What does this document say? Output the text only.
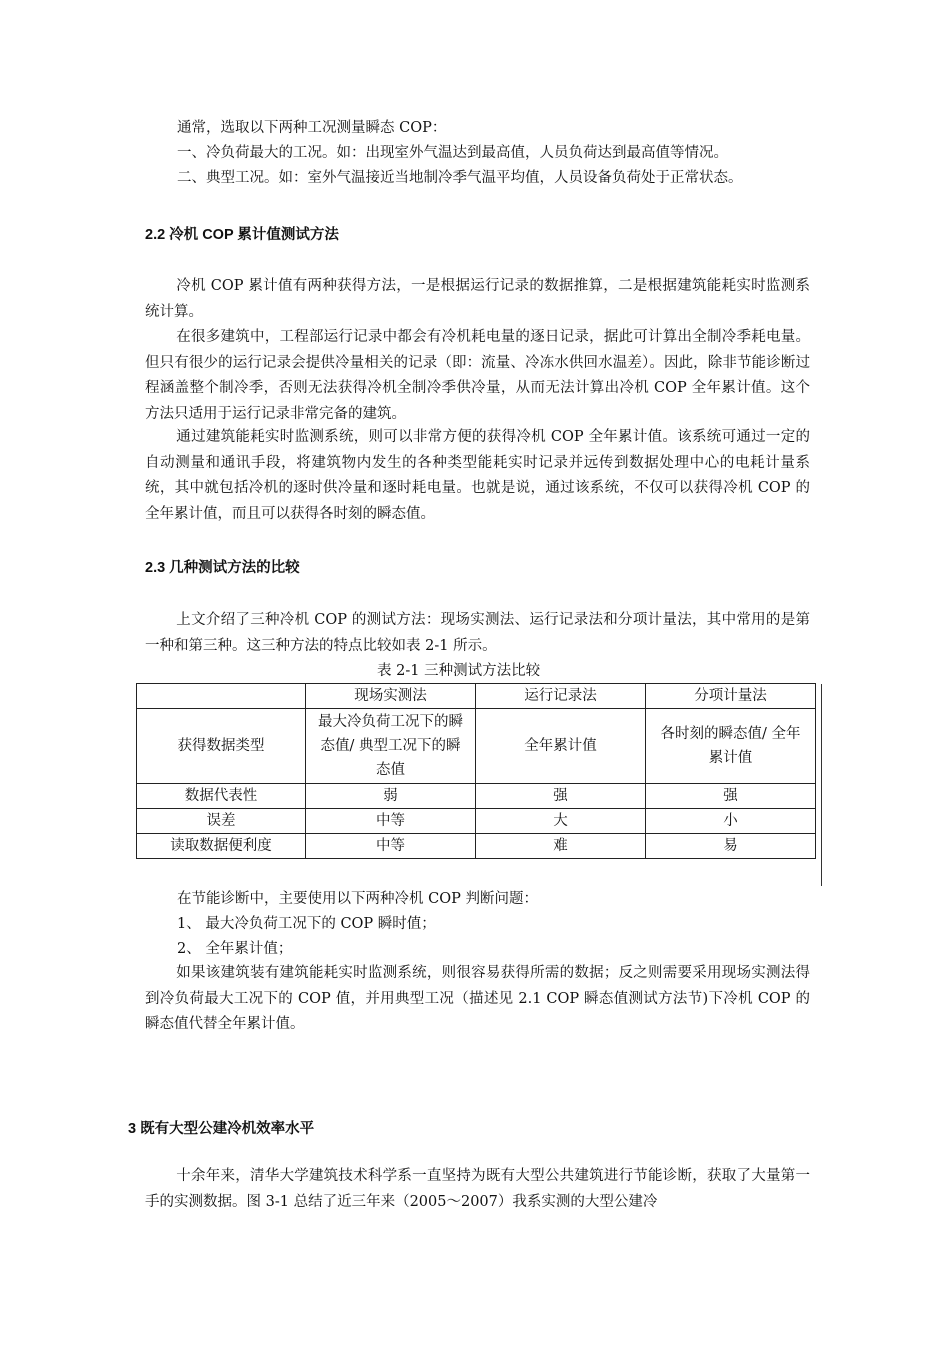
通常，选取以下两种工况测量瞬态 COP：

一、冷负荷最大的工况。如：出现室外气温达到最高值，人员负荷达到最高值等情况。

二、典型工况。如：室外气温接近当地制冷季气温平均值，人员设备负荷处于正常状态。

2.2 冷机 COP 累计值测试方法

冷机 COP 累计值有两种获得方法，一是根据运行记录的数据推算，二是根据建筑能耗实时监测系统计算。

在很多建筑中，工程部运行记录中都会有冷机耗电量的逐日记录，据此可计算出全制冷季耗电量。但只有很少的运行记录会提供冷量相关的记录（即：流量、冷冻水供回水温差）。因此，除非节能诊断过程涵盖整个制冷季，否则无法获得冷机全制冷季供冷量，从而无法计算出冷机 COP 全年累计值。这个方法只适用于运行记录非常完备的建筑。

通过建筑能耗实时监测系统，则可以非常方便的获得冷机 COP 全年累计值。该系统可通过一定的自动测量和通讯手段，将建筑物内发生的各种类型能耗实时记录并远传到数据处理中心的电耗计量系统，其中就包括冷机的逐时供冷量和逐时耗电量。也就是说，通过该系统，不仅可以获得冷机 COP 的全年累计值，而且可以获得各时刻的瞬态值。

2.3 几种测试方法的比较

上文介绍了三种冷机 COP 的测试方法：现场实测法、运行记录法和分项计量法，其中常用的是第一种和第三种。这三种方法的特点比较如表 2-1 所示。

表 2-1 三种测试方法比较
	现场实测法	运行记录法	分项计量法
获得数据类型	最大冷负荷工况下的瞬态值/ 典型工况下的瞬态值	全年累计值	各时刻的瞬态值/ 全年累计值
数据代表性	弱	强	强
误差	中等	大	小
读取数据便利度	中等	难	易

在节能诊断中，主要使用以下两种冷机 COP 判断问题：

1、 最大冷负荷工况下的 COP 瞬时值；

2、 全年累计值；

如果该建筑装有建筑能耗实时监测系统，则很容易获得所需的数据；反之则需要采用现场实测法得到冷负荷最大工况下的 COP 值，并用典型工况（描述见 2.1 COP 瞬态值测试方法节)下冷机 COP 的瞬态值代替全年累计值。

3 既有大型公建冷机效率水平

十余年来，清华大学建筑技术科学系一直坚持为既有大型公共建筑进行节能诊断，获取了大量第一手的实测数据。图 3-1 总结了近三年来（2005～2007）我系实测的大型公建冷
